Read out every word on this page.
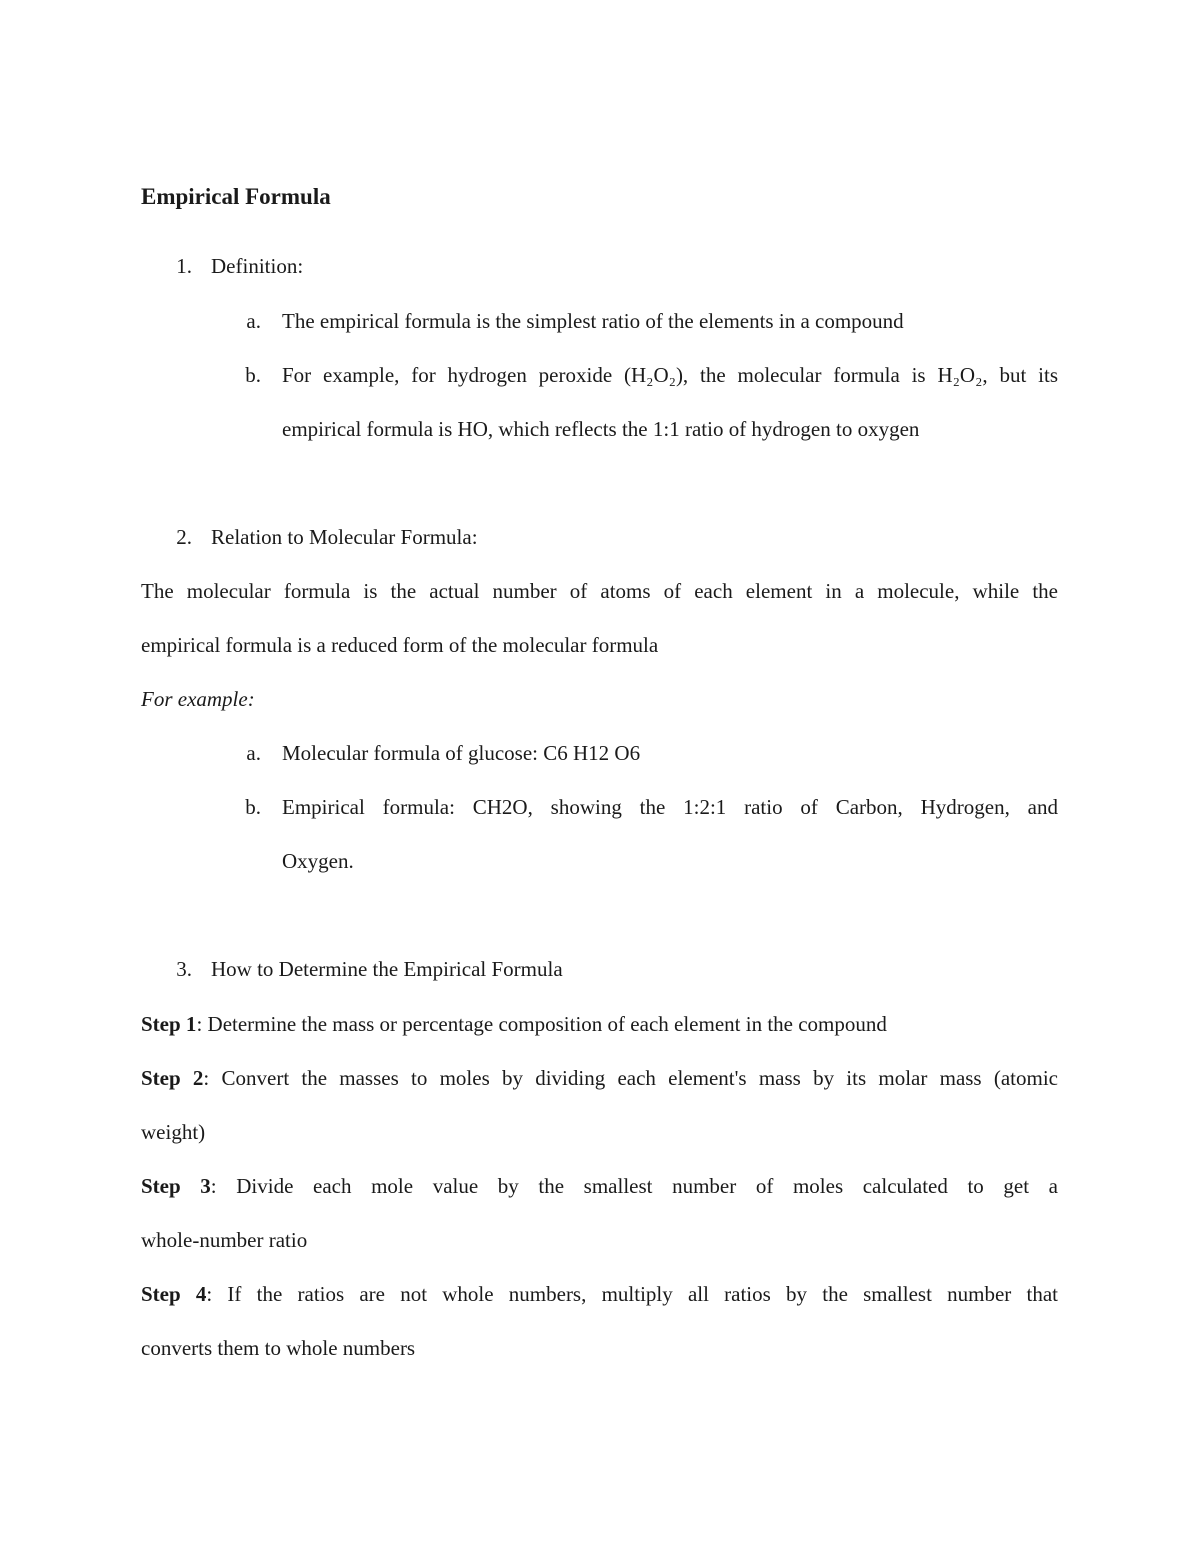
Empirical Formula
1. Definition:
a. The empirical formula is the simplest ratio of the elements in a compound
b. For example, for hydrogen peroxide (H₂O₂), the molecular formula is H₂O₂, but its
empirical formula is HO, which reflects the 1:1 ratio of hydrogen to oxygen
2. Relation to Molecular Formula:
The molecular formula is the actual number of atoms of each element in a molecule, while the
empirical formula is a reduced form of the molecular formula
For example:
a. Molecular formula of glucose: C6 H12 O6
b. Empirical formula: CH2O, showing the 1:2:1 ratio of Carbon, Hydrogen, and
Oxygen.
3. How to Determine the Empirical Formula
Step 1: Determine the mass or percentage composition of each element in the compound
Step 2: Convert the masses to moles by dividing each element's mass by its molar mass (atomic
weight)
Step 3: Divide each mole value by the smallest number of moles calculated to get a
whole-number ratio
Step 4: If the ratios are not whole numbers, multiply all ratios by the smallest number that
converts them to whole numbers
